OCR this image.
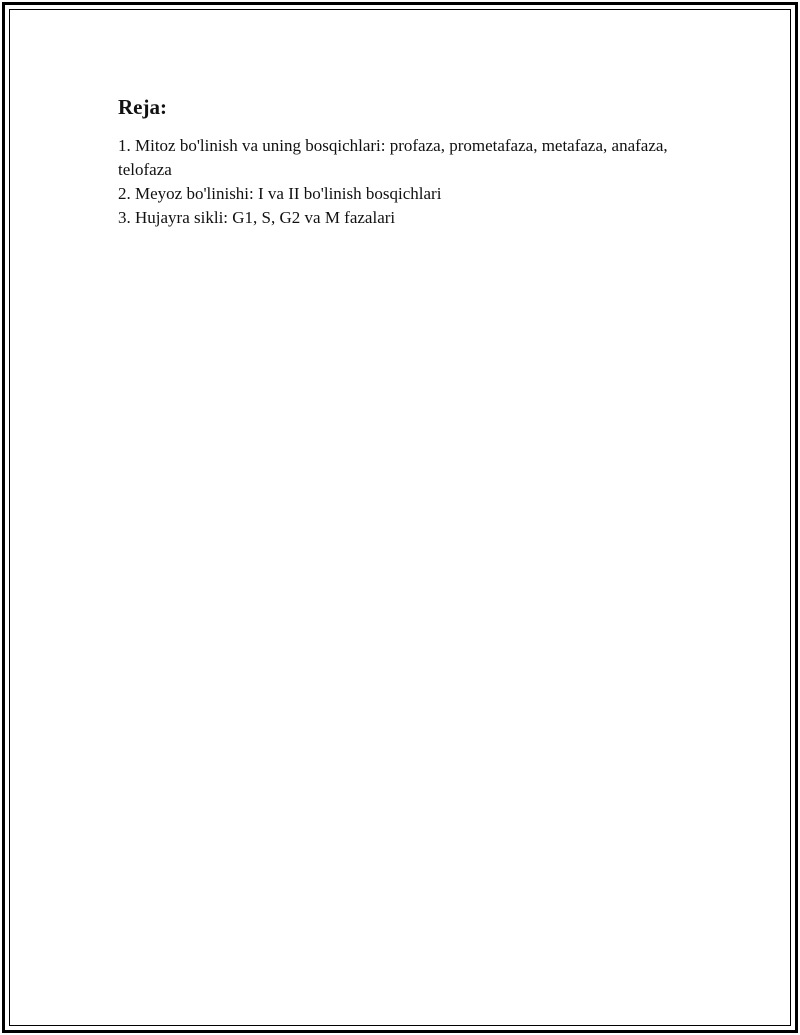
Reja:
1. Mitoz bo'linish va uning bosqichlari: profaza, prometafaza, metafaza, anafaza, telofaza
2. Meyoz bo'linishi: I va II bo'linish bosqichlari
3. Hujayra sikli: G1, S, G2 va M fazalari
